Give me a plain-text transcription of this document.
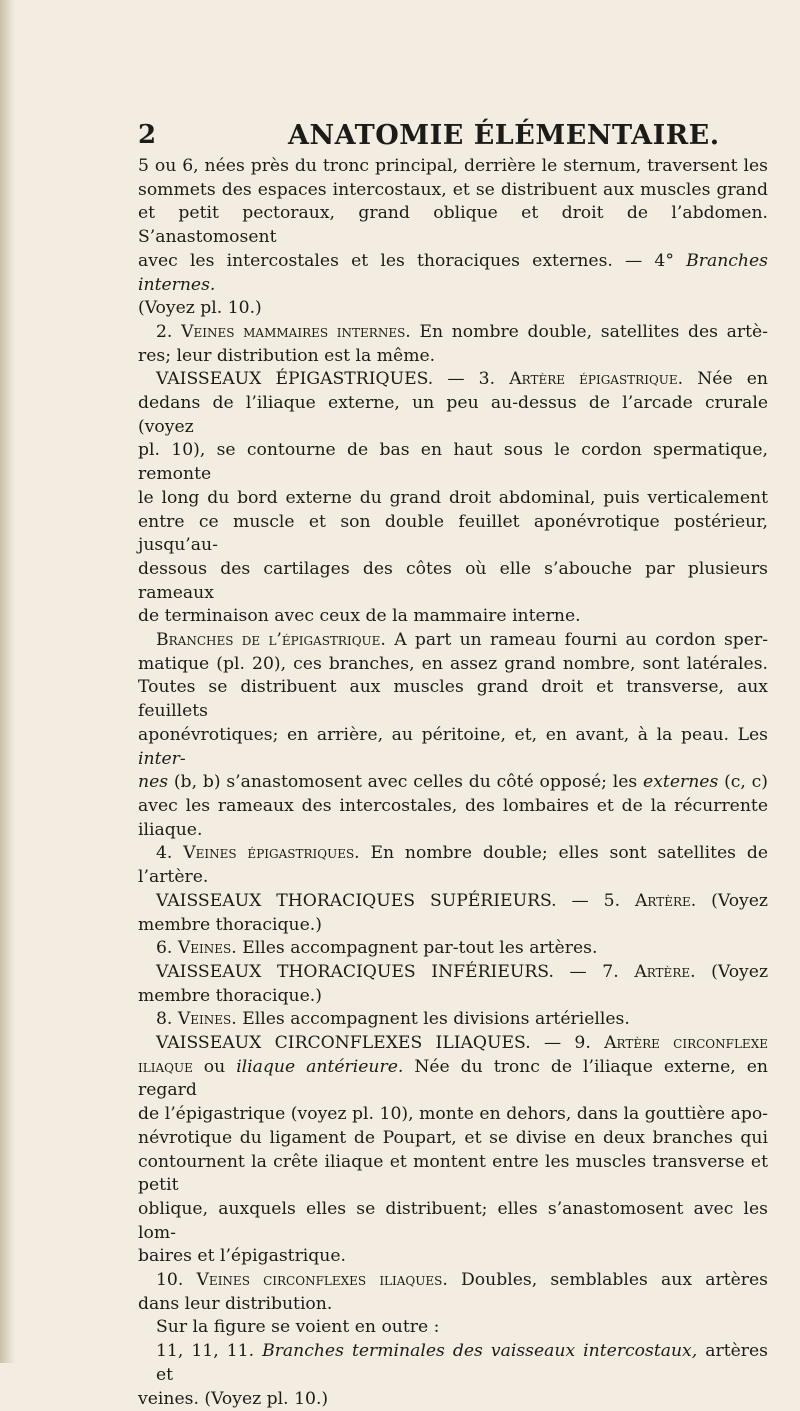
2	ANATOMIE ÉLÉMENTAIRE.
5 ou 6, nées près du tronc principal, derrière le sternum, traversent les
sommets des espaces intercostaux, et se distribuent aux muscles grand
et petit pectoraux, grand oblique et droit de l’abdomen. S’anastomosent
avec les intercostales et les thoraciques externes. — 4° Branches internes.
(Voyez pl. 10.)
2. Veines mammaires internes. En nombre double, satellites des artè-
res; leur distribution est la même.
VAISSEAUX ÉPIGASTRIQUES. — 3. Artère épigastrique. Née en
dedans de l’iliaque externe, un peu au-dessus de l’arcade crurale (voyez
pl. 10), se contourne de bas en haut sous le cordon spermatique, remonte
le long du bord externe du grand droit abdominal, puis verticalement
entre ce muscle et son double feuillet aponévrotique postérieur, jusqu’au-
dessous des cartilages des côtes où elle s’abouche par plusieurs rameaux
de terminaison avec ceux de la mammaire interne.
Branches de l’épigastrique. A part un rameau fourni au cordon sper-
matique (pl. 20), ces branches, en assez grand nombre, sont latérales.
Toutes se distribuent aux muscles grand droit et transverse, aux feuillets
aponévrotiques; en arrière, au péritoine, et, en avant, à la peau. Les inter-
nes (b, b) s’anastomosent avec celles du côté opposé; les externes (c, c)
avec les rameaux des intercostales, des lombaires et de la récurrente
iliaque.
4. Veines épigastriques. En nombre double; elles sont satellites de
l’artère.
VAISSEAUX THORACIQUES SUPÉRIEURS. — 5. Artère. (Voyez
membre thoracique.)
6. Veines. Elles accompagnent par-tout les artères.
VAISSEAUX THORACIQUES INFÉRIEURS. — 7. Artère. (Voyez
membre thoracique.)
8. Veines. Elles accompagnent les divisions artérielles.
VAISSEAUX CIRCONFLEXES ILIAQUES. — 9. Artère circonflexe
iliaque ou iliaque antérieure. Née du tronc de l’iliaque externe, en regard
de l’épigastrique (voyez pl. 10), monte en dehors, dans la gouttière apo-
névrotique du ligament de Poupart, et se divise en deux branches qui
contournent la crête iliaque et montent entre les muscles transverse et petit
oblique, auxquels elles se distribuent; elles s’anastomosent avec les lom-
baires et l’épigastrique.
10. Veines circonflexes iliaques. Doubles, semblables aux artères
dans leur distribution.
Sur la figure se voient en outre :
11, 11, 11. Branches terminales des vaisseaux intercostaux, artères et
veines. (Voyez pl. 10.)
